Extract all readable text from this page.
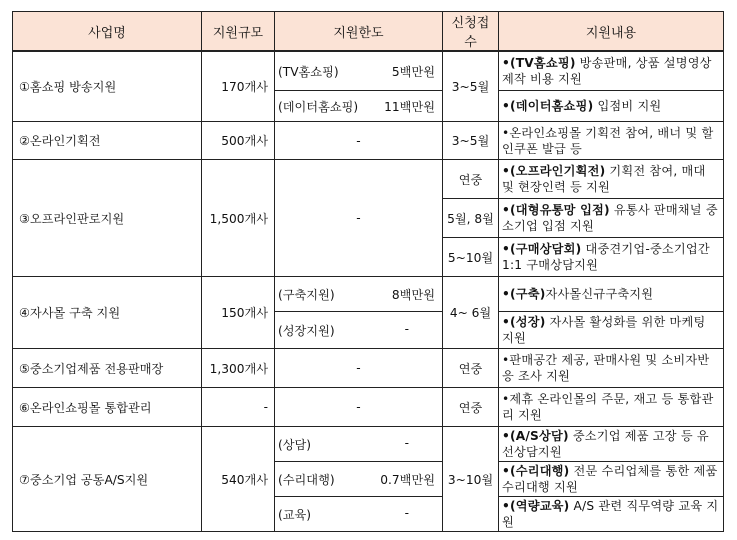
사업명	지원규모	지원한도	신청접수	지원내용
①홈쇼핑 방송지원	170개사	(TV홈쇼핑) 5백만원	3~5월	•(TV홈쇼핑) 방송판매, 상품 설명영상 제작 비용 지원

		(데이터홈쇼핑) 11백만원		•(데이터홈쇼핑) 입점비 지원
②온라인기획전	500개사	-	3~5월	•온라인쇼핑몰 기획전 참여, 배너 및 할인쿠폰 발급 등
③오프라인판로지원	1,500개사	-	연중	•(오프라인기획전) 기획전 참여, 매대 및 현장인력 등 지원
			5월, 8월	•(대형유통망 입점) 유통사 판매채널 중소기업 입점 지원
			5~10월	•(구매상담회) 대중견기업-중소기업간1:1 구매상담지원
④자사몰 구축 지원	150개사	(구축지원) 8백만원	4~ 6월	•(구축)자사몰신규구축지원

		(성장지원) -		•(성장) 자사몰 활성화를 위한 마케팅 지원
⑤중소기업제품 전용판매장	1,300개사	-	연중	•판매공간 제공, 판매사원 및 소비자반응 조사 지원
⑥온라인쇼핑몰 통합관리	-	-	연중	•제휴 온라인몰의 주문, 재고 등 통합관리 지원
⑦중소기업 공동A/S지원	540개사	(상담) -	3~10월	•(A/S상담) 중소기업 제품 고장 등 유선상담지원

		(수리대행) 0.7백만원		•(수리대행) 전문 수리업체를 통한 제품 수리대행 지원

		(교육) -		•(역량교육) A/S 관련 직무역량 교육 지원
